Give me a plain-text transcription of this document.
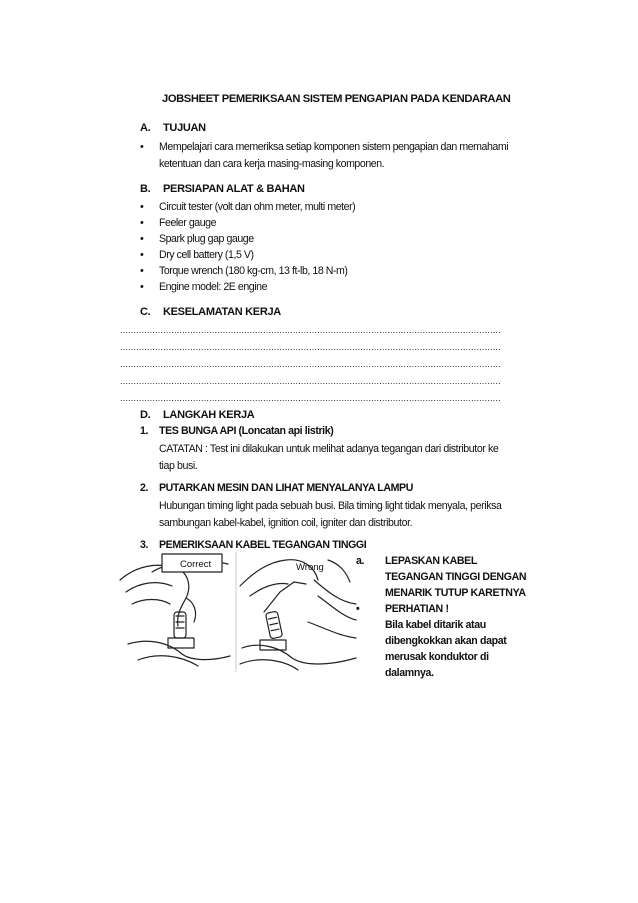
JOBSHEET PEMERIKSAAN SISTEM PENGAPIAN PADA KENDARAAN
A. TUJUAN
• Mempelajari cara memeriksa setiap komponen sistem pengapian dan memahami
ketentuan dan cara kerja masing-masing komponen.
B. PERSIAPAN ALAT & BAHAN
• Circuit tester (volt dan ohm meter, multi meter)
• Feeler gauge
• Spark plug gap gauge
• Dry cell battery (1,5 V)
• Torque wrench (180 kg-cm, 13 ft-lb, 18 N-m)
• Engine model: 2E engine
C. KESELAMATAN KERJA
.............................................................................................................................................
.............................................................................................................................................
.............................................................................................................................................
.............................................................................................................................................
.............................................................................................................................................
D. LANGKAH KERJA
1. TES BUNGA API (Loncatan api listrik)
CATATAN : Test ini dilakukan untuk melihat adanya tegangan dari distributor ke
tiap busi.
2. PUTARKAN MESIN DAN LIHAT MENYALANYA LAMPU
Hubungan timing light pada sebuah busi. Bila timing light tidak menyala, periksa
sambungan kabel-kabel, ignition coil, igniter dan distributor.
3. PEMERIKSAAN KABEL TEGANGAN TINGGI
Correct	Wrong
a. LEPASKAN KABEL
TEGANGAN TINGGI DENGAN
MENARIK TUTUP KARETNYA
• PERHATIAN !
Bila kabel ditarik atau
dibengkokkan akan dapat
merusak konduktor di
dalamnya.
